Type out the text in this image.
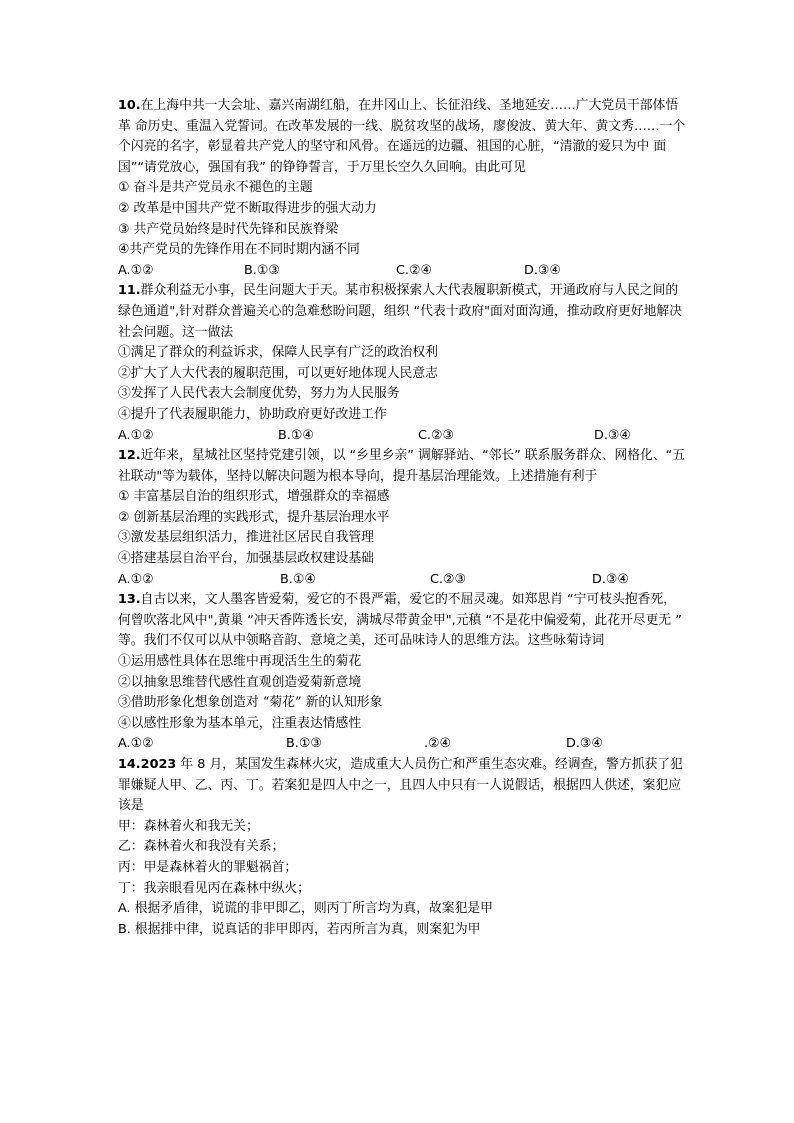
10.在上海中共一大会址、嘉兴南湖红船，在井冈山上、长征沿线、圣地延安……广大党员干部体悟革 命历史、重温入党誓词。在改革发展的一线、脱贫攻坚的战场，廖俊波、黄大年、黄文秀……一个个闪亮的名字，彰显着共产党人的坚守和风骨。在遥远的边疆、祖国的心脏，“清澈的爱只为中 面国”“请党放心，强国有我” 的铮铮誓言，于万里长空久久回响。由此可见

① 奋斗是共产党员永不褪色的主题

② 改革是中国共产党不断取得进步的强大动力

③ 共产党员始终是时代先锋和民族脊梁

④共产党员的先锋作用在不同时期内涵不同

A.①②	B.①③	C.②④	D.③④

11.群众利益无小事，民生问题大于天。某市积极探索人大代表履职新模式，开通政府与人民之间的 绿色通道",针对群众普遍关心的急难愁盼问题，组织 “代表十政府"面对面沟通，推动政府更好地解决社会问题。这一做法

①满足了群众的利益诉求，保障人民享有广泛的政治权利

②扩大了人大代表的履职范围，可以更好地体现人民意志

③发挥了人民代表大会制度优势，努力为人民服务

④提升了代表履职能力，协助政府更好改进工作

A.①②	B.①④	C.②③	D.③④

12.近年来，星城社区坚持党建引领，以 “乡里乡亲” 调解驿站、“邻长” 联系服务群众、网格化、“五社联动"等为载体，坚持以解决问题为根本导向，提升基层治理能效。上述措施有利于

① 丰富基层自治的组织形式，增强群众的幸福感

② 创新基层治理的实践形式，提升基层治理水平

③激发基层组织活力，推进社区居民自我管理

④搭建基层自治平台，加强基层政权建设基础

A.①②	B.①④	C.②③	D.③④

13.自古以来，文人墨客皆爱菊，爱它的不畏严霜，爱它的不屈灵魂。如郑思肖 “宁可枝头抱香死，何曾吹落北风中",黄巢 “冲天香阵透长安，满城尽带黄金甲",元稹 “不是花中偏爱菊，此花开尽更无 ” 等。我们不仅可以从中领略音韵、意境之美，还可品味诗人的思维方法。这些咏菊诗词

①运用感性具体在思维中再现活生生的菊花

②以抽象思维替代感性直观创造爱菊新意境

③借助形象化想象创造对 “菊花” 新的认知形象

④以感性形象为基本单元，注重表达情感性

A.①②	B.①③	.②④	D.③④

14.2023 年 8 月，某国发生森林火灾，造成重大人员伤亡和严重生态灾难。经调查，警方抓获了犯罪嫌疑人甲、乙、丙、丁。若案犯是四人中之一，且四人中只有一人说假话，根据四人供述，案犯应该是

甲：森林着火和我无关；

乙：森林着火和我没有关系；

丙：甲是森林着火的罪魁祸首；

丁：我亲眼看见丙在森林中纵火；

A. 根据矛盾律，说谎的非甲即乙，则丙丁所言均为真，故案犯是甲

B. 根据排中律，说真话的非甲即丙，若丙所言为真，则案犯为甲
